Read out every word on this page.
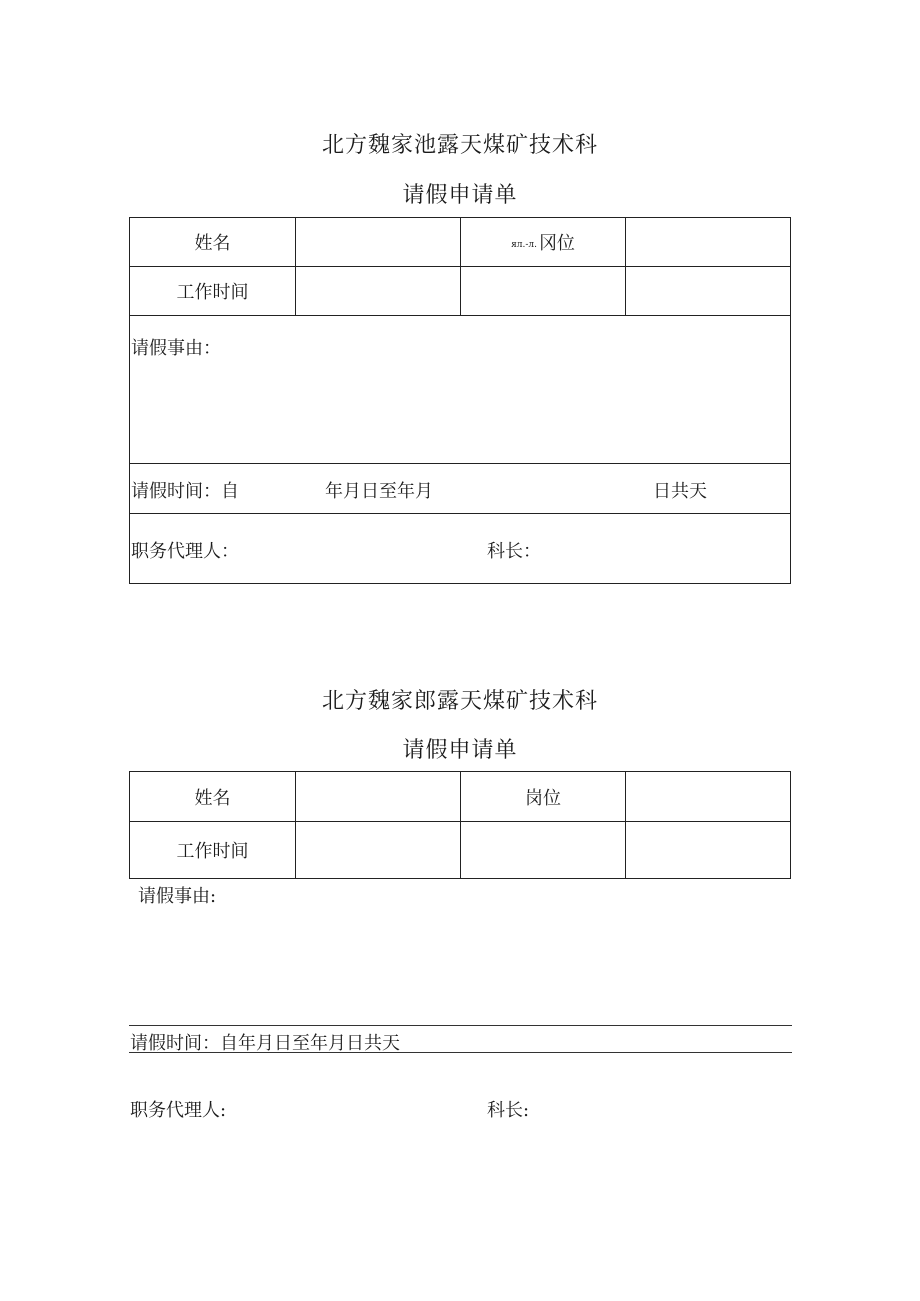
北方魏家池露天煤矿技术科
请假申请单
姓名		ял.-л. 冈位	
工作时间			

请假事由：			

请假时间：自 年月日至年月 日共天			

职务代理人： 科长：			
北方魏家郎露天煤矿技术科
请假申请单
姓名		岗位	
工作时间			
请假事由:
请假时间：自年月日至年月日共天
职务代理人:	科长:
